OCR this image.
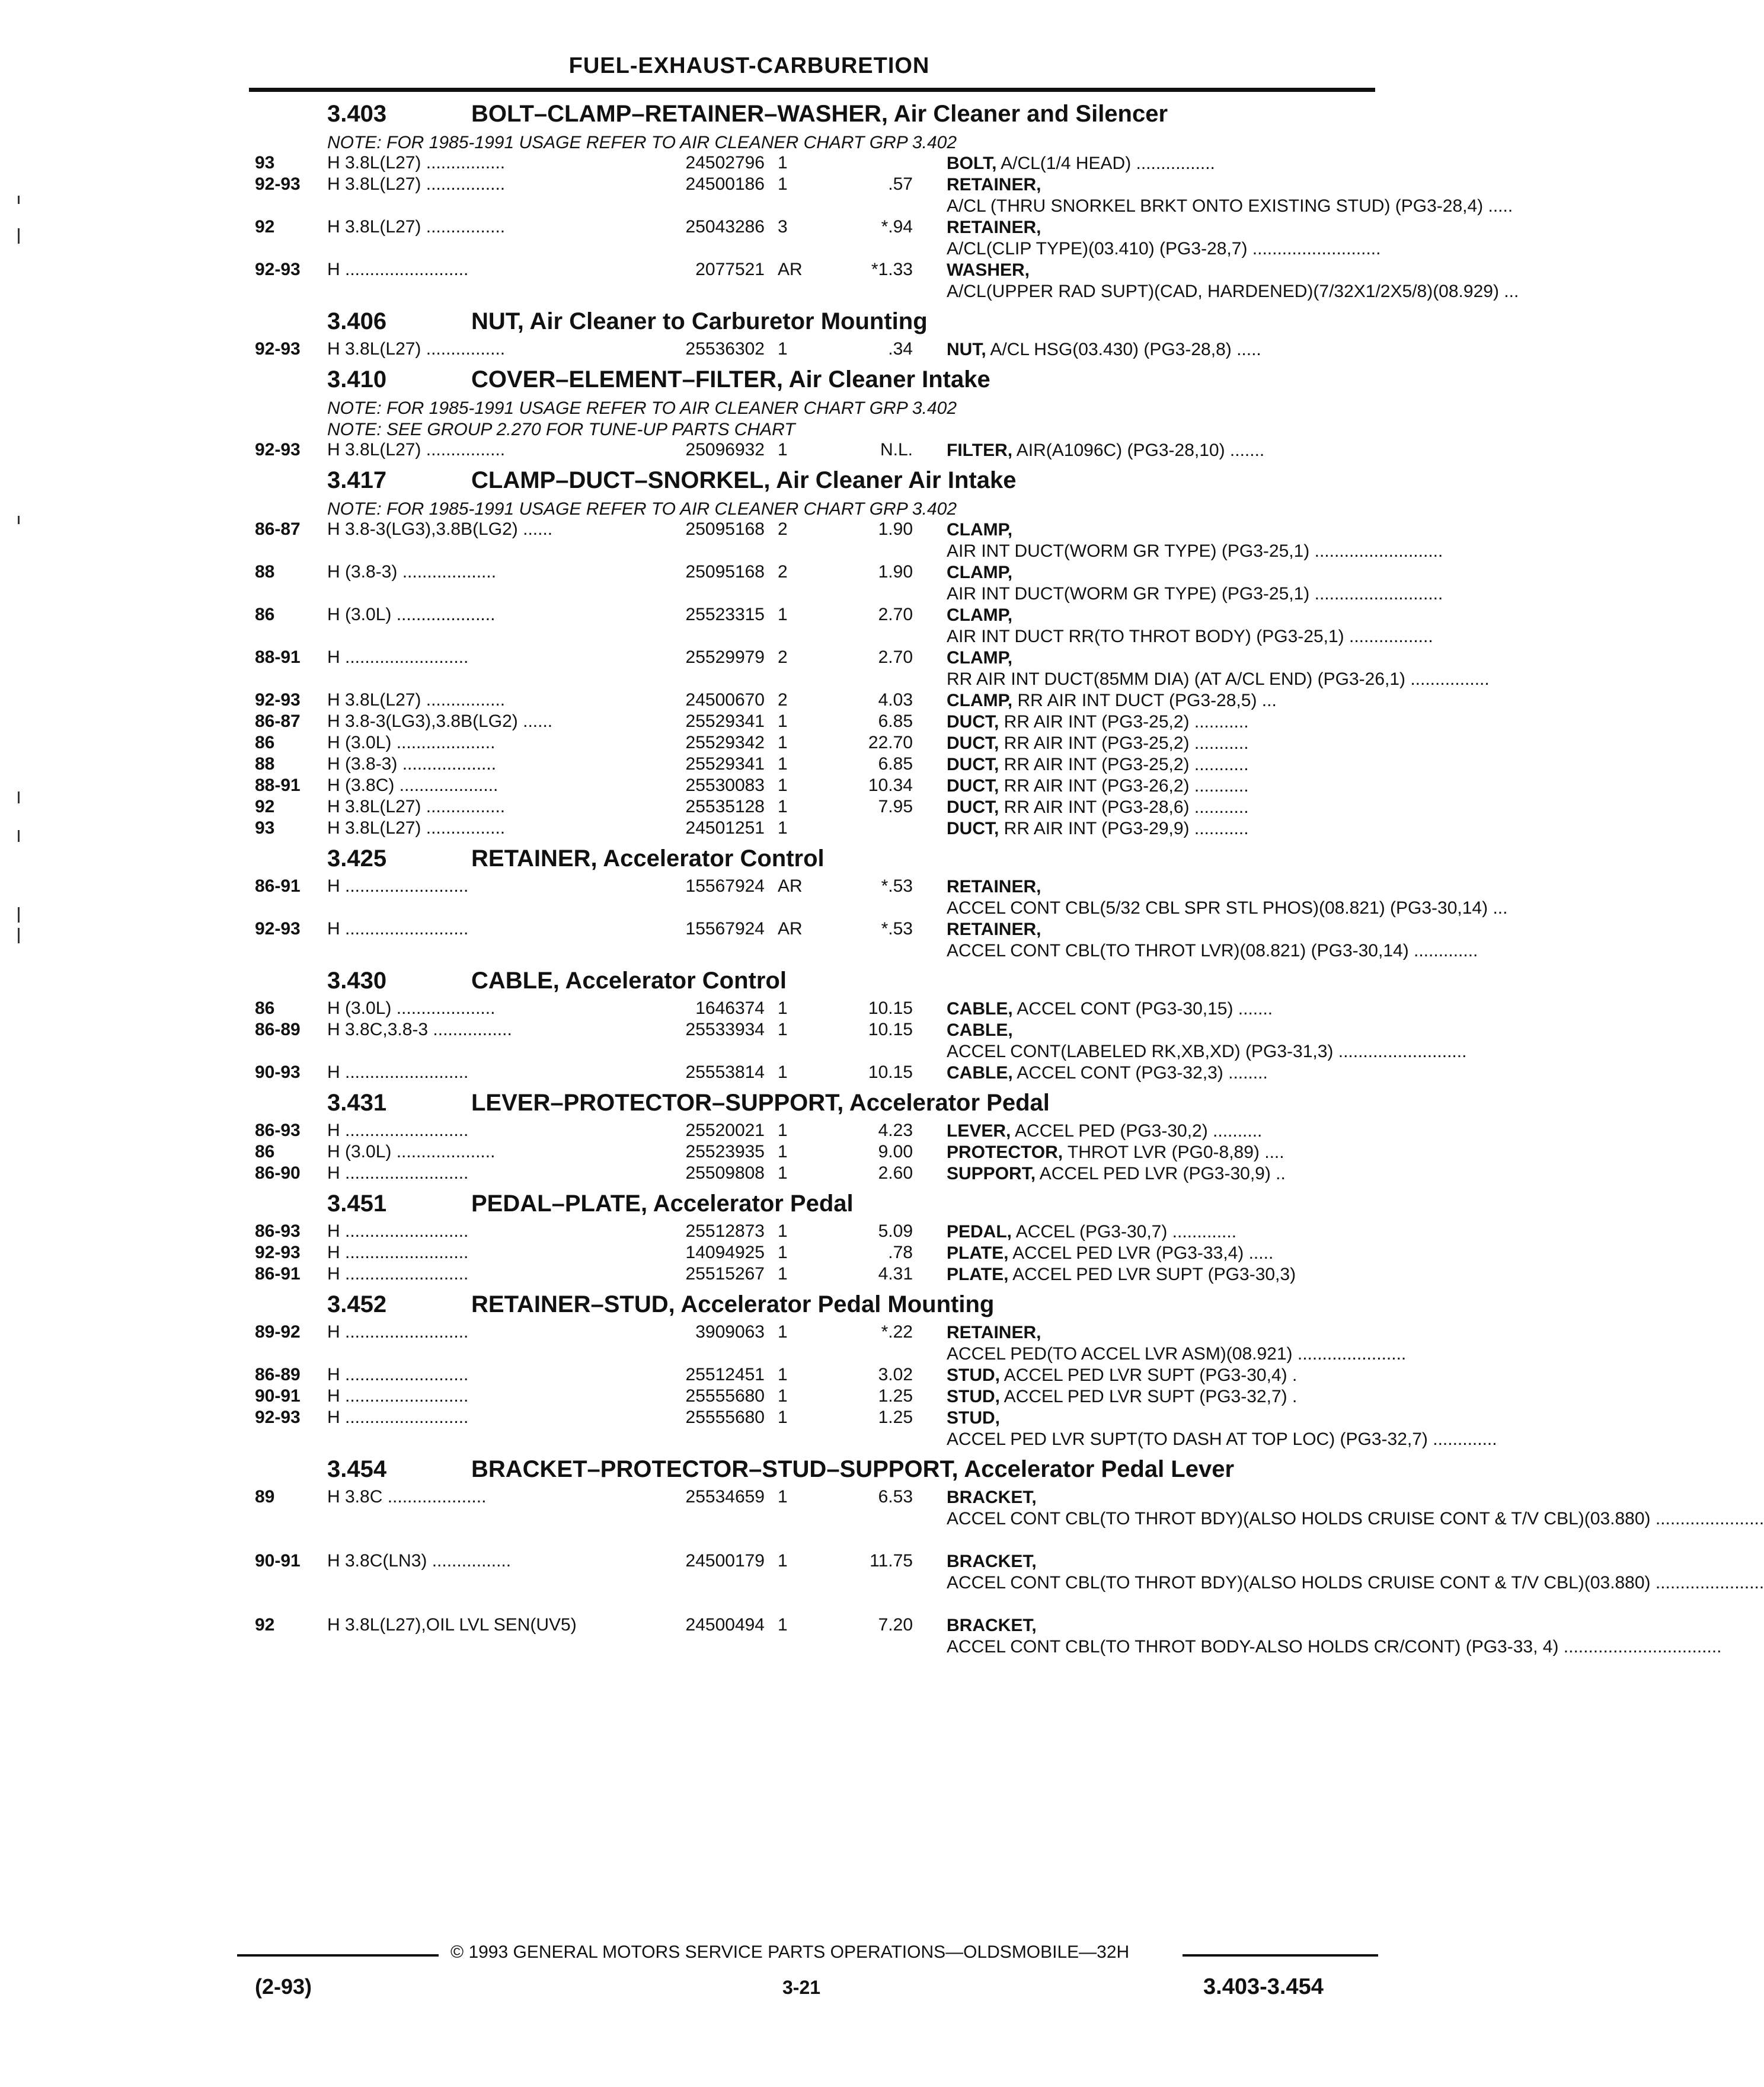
FUEL-EXHAUST-CARBURETION
3.403	BOLT–CLAMP–RETAINER–WASHER, Air Cleaner and Silencer
NOTE: FOR 1985-1991 USAGE REFER TO AIR CLEANER CHART GRP 3.402
93	H 3.8L(L27) ................	24502796 1	BOLT, A/CL(1/4 HEAD) ................
92-93	H 3.8L(L27) ................	24500186 1	.57 RETAINER, A/CL (THRU SNORKEL BRKT ONTO EXISTING STUD) (PG3-28,4) .....
92	H 3.8L(L27) ................	25043286 3	*.94 RETAINER, A/CL(CLIP TYPE)(03.410) (PG3-28,7) ..........................
92-93	H .........................	2077521 AR	*1.33 WASHER, A/CL(UPPER RAD SUPT)(CAD, HARDENED)(7/32X1/2X5/8)(08.929) ...
3.406	NUT, Air Cleaner to Carburetor Mounting
92-93	H 3.8L(L27) ................	25536302 1	.34 NUT, A/CL HSG(03.430) (PG3-28,8) .....
3.410	COVER–ELEMENT–FILTER, Air Cleaner Intake
NOTE: FOR 1985-1991 USAGE REFER TO AIR CLEANER CHART GRP 3.402
NOTE: SEE GROUP 2.270 FOR TUNE-UP PARTS CHART
92-93	H 3.8L(L27) ................	25096932 1	N.L. FILTER, AIR(A1096C) (PG3-28,10) .......
3.417	CLAMP–DUCT–SNORKEL, Air Cleaner Air Intake
NOTE: FOR 1985-1991 USAGE REFER TO AIR CLEANER CHART GRP 3.402
86-87	H 3.8-3(LG3),3.8B(LG2) ......	25095168 2	1.90 CLAMP, AIR INT DUCT(WORM GR TYPE) (PG3-25,1) ..........................
88	H (3.8-3) ...................	25095168 2	1.90 CLAMP, AIR INT DUCT(WORM GR TYPE) (PG3-25,1) ..........................
86	H (3.0L) ....................	25523315 1	2.70 CLAMP, AIR INT DUCT RR(TO THROT BODY) (PG3-25,1) .................
88-91	H .........................	25529979 2	2.70 CLAMP, RR AIR INT DUCT(85MM DIA) (AT A/CL END) (PG3-26,1) ................
92-93	H 3.8L(L27) ................	24500670 2	4.03 CLAMP, RR AIR INT DUCT (PG3-28,5) ...
86-87	H 3.8-3(LG3),3.8B(LG2) ......	25529341 1	6.85 DUCT, RR AIR INT (PG3-25,2) ...........
86	H (3.0L) ....................	25529342 1	22.70 DUCT, RR AIR INT (PG3-25,2) ...........
88	H (3.8-3) ...................	25529341 1	6.85 DUCT, RR AIR INT (PG3-25,2) ...........
88-91	H (3.8C) ....................	25530083 1	10.34 DUCT, RR AIR INT (PG3-26,2) ...........
92	H 3.8L(L27) ................	25535128 1	7.95 DUCT, RR AIR INT (PG3-28,6) ...........
93	H 3.8L(L27) ................	24501251 1	DUCT, RR AIR INT (PG3-29,9) ...........
3.425	RETAINER, Accelerator Control
86-91	H .........................	15567924 AR	*.53 RETAINER, ACCEL CONT CBL(5/32 CBL SPR STL PHOS)(08.821) (PG3-30,14) ...
92-93	H .........................	15567924 AR	*.53 RETAINER, ACCEL CONT CBL(TO THROT LVR)(08.821) (PG3-30,14) .............
3.430	CABLE, Accelerator Control
86	H (3.0L) ....................	1646374 1	10.15 CABLE, ACCEL CONT (PG3-30,15) .......
86-89	H 3.8C,3.8-3 ................	25533934 1	10.15 CABLE, ACCEL CONT(LABELED RK,XB,XD) (PG3-31,3) ..........................
90-93	H .........................	25553814 1	10.15 CABLE, ACCEL CONT (PG3-32,3) ........
3.431	LEVER–PROTECTOR–SUPPORT, Accelerator Pedal
86-93	H .........................	25520021 1	4.23 LEVER, ACCEL PED (PG3-30,2) ..........
86	H (3.0L) ....................	25523935 1	9.00 PROTECTOR, THROT LVR (PG0-8,89) ....
86-90	H .........................	25509808 1	2.60 SUPPORT, ACCEL PED LVR (PG3-30,9) ..
3.451	PEDAL–PLATE, Accelerator Pedal
86-93	H .........................	25512873 1	5.09 PEDAL, ACCEL (PG3-30,7) .............
92-93	H .........................	14094925 1	.78 PLATE, ACCEL PED LVR (PG3-33,4) .....
86-91	H .........................	25515267 1	4.31 PLATE, ACCEL PED LVR SUPT (PG3-30,3)
3.452	RETAINER–STUD, Accelerator Pedal Mounting
89-92	H .........................	3909063 1	*.22 RETAINER, ACCEL PED(TO ACCEL LVR ASM)(08.921) ......................
86-89	H .........................	25512451 1	3.02 STUD, ACCEL PED LVR SUPT (PG3-30,4) .
90-91	H .........................	25555680 1	1.25 STUD, ACCEL PED LVR SUPT (PG3-32,7) .
92-93	H .........................	25555680 1	1.25 STUD, ACCEL PED LVR SUPT(TO DASH AT TOP LOC) (PG3-32,7) .............
3.454	BRACKET–PROTECTOR–STUD–SUPPORT, Accelerator Pedal Lever
89	H 3.8C ....................	25534659 1	6.53 BRACKET, ACCEL CONT CBL(TO THROT BDY)(ALSO HOLDS CRUISE CONT & T/V CBL)(03.880) ......................
90-91	H 3.8C(LN3) ................	24500179 1	11.75 BRACKET, ACCEL CONT CBL(TO THROT BDY)(ALSO HOLDS CRUISE CONT & T/V CBL)(03.880) ......................
92	H 3.8L(L27),OIL LVL SEN(UV5)	24500494 1	7.20 BRACKET, ACCEL CONT CBL(TO THROT BODY-ALSO HOLDS CR/CONT) (PG3-33, 4) ................................
© 1993 GENERAL MOTORS SERVICE PARTS OPERATIONS—OLDSMOBILE—32H
(2-93)	3-21	3.403-3.454
